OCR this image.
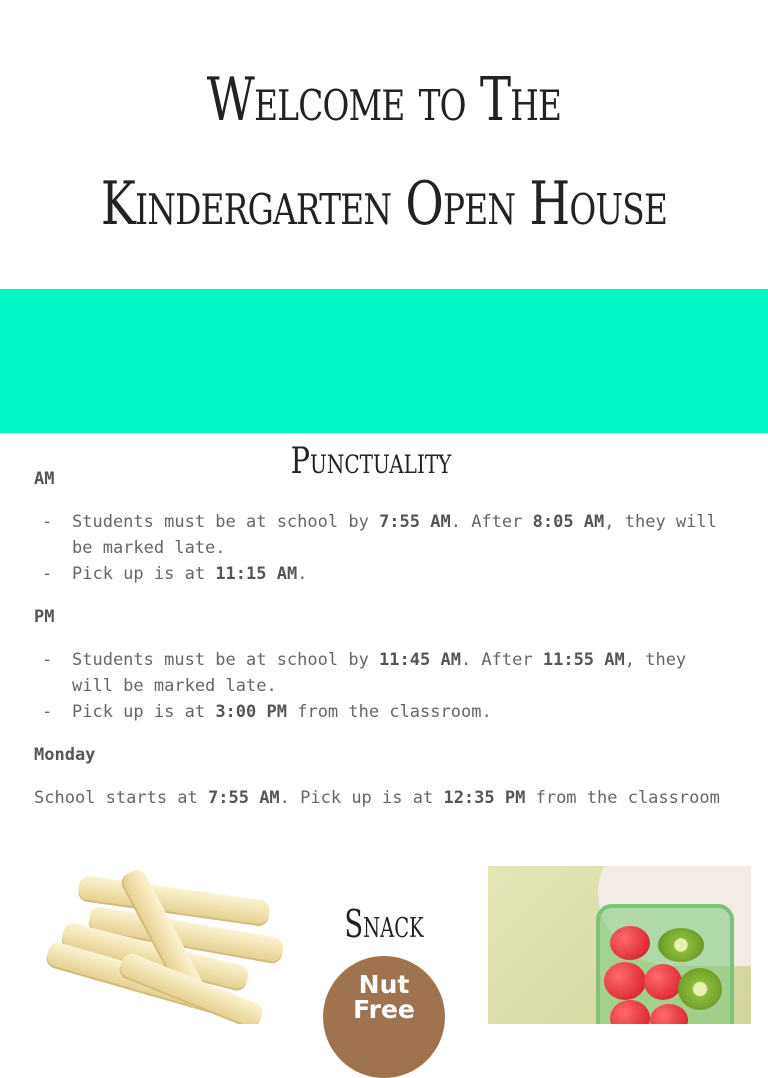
Welcome to The
Kindergarten Open House
Punctuality

AM

- Students must be at school by 7:55 AM. After 8:05 AM, they will be marked late.
- Pick up is at 11:15 AM.

PM

- Students must be at school by 11:45 AM. After 11:55 AM, they will be marked late.
- Pick up is at 3:00 PM from the classroom.

Monday

School starts at 7:55 AM. Pick up is at 12:35 PM from the classroom

Snack
Nut
Free
